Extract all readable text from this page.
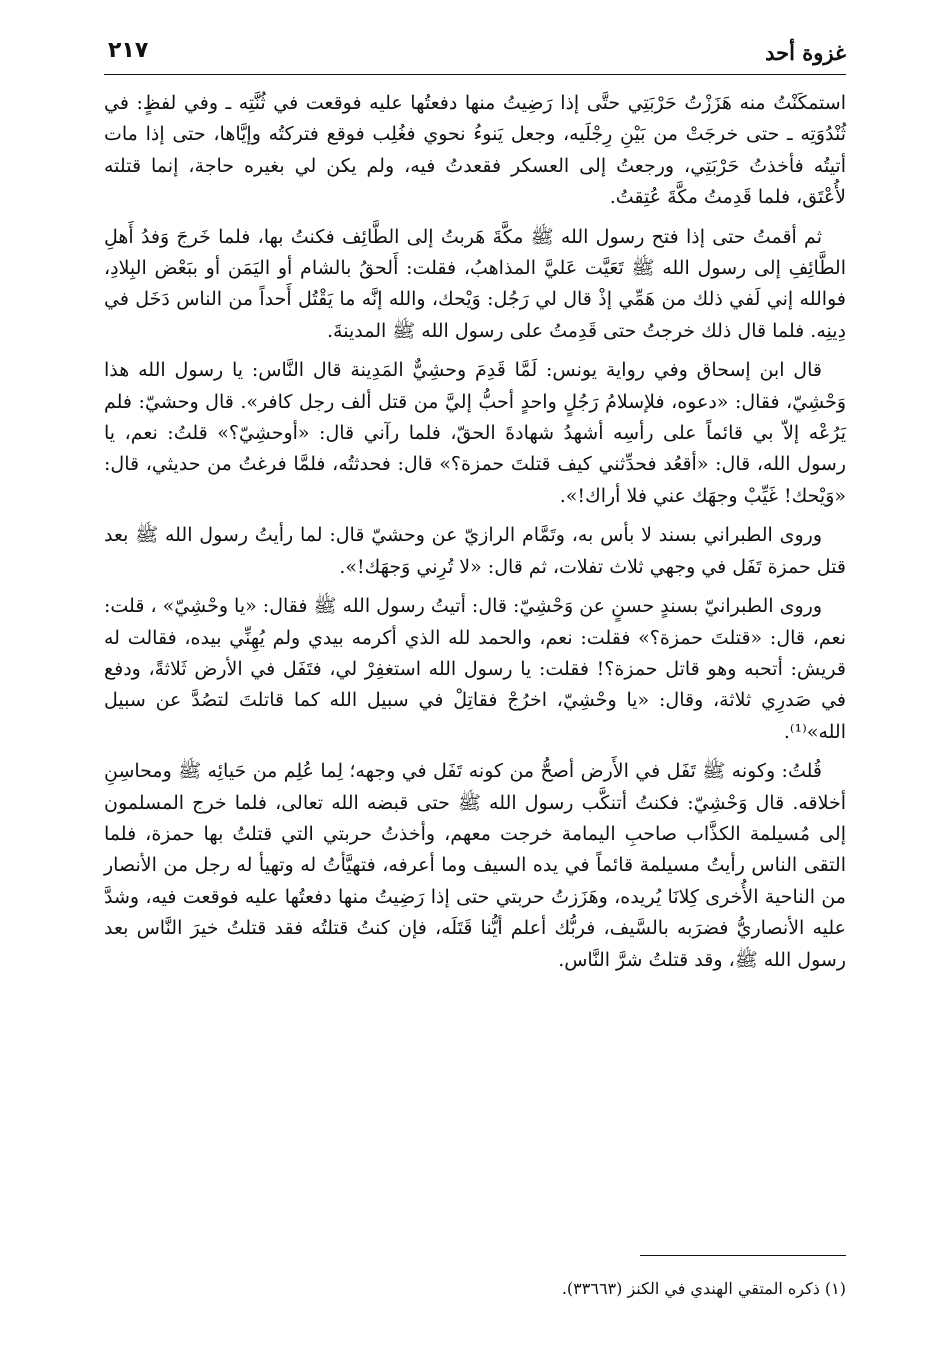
غزوة أحد
٢١٧

استمكَنْتُ منه هَزَزْتُ حَرْبَتِي حتَّى إذا رَضِيتُ منها دفعتُها عليه فوقعت في ثُنَّتِه ـ وفي لفظٍ: في ثُنْدُوَتِه ـ حتى خرجَتْ من بَيْنِ رِجْلَيه، وجعل يَنوءُ نحوي فغُلِب فوقع فتركتُه وإيَّاها، حتى إذا مات أتيتُه فأخذتُ حَرْبَتِي، ورجعتُ إلى العسكر فقعدتُ فيه، ولم يكن لي بغيره حاجة، إنما قتلته لأُعْتَق، فلما قَدِمتُ مكَّةَ عُتِقتُ.

ثم أقمتُ حتى إذا فتح رسول الله ﷺ مكَّةَ هَربتُ إلى الطَّائِف فكنتُ بها، فلما خَرجَ وَفدُ أَهلِ الطَّائِفِ إلى رسول الله ﷺ تَعَيَّت عَليَّ المذاهبُ، فقلت: أَلحقُ بالشام أو اليَمَن أو ببَعْض البِلادِ، فوالله إني لَفي ذلك من هَمِّي إذْ قال لي رَجُل: وَيْحك، والله إنَّه ما يَقْتُل أَحداً من الناس دَخَل في دِينِه. فلما قال ذلك خرجتُ حتى قَدِمتُ على رسول الله ﷺ المدينةَ.

قال ابن إسحاق وفي رواية يونس: لَمَّا قَدِمَ وحشِيٌّ المَدِينة قال النَّاس: يا رسول الله هذا وَحْشِيّ، فقال: «دعوه، فلإسلامُ رَجُلٍ واحدٍ أحبُّ إليَّ من قتل ألف رجل كافر». قال وحشيّ: فلم يَرُعْه إلاّ بي قائماً على رأسِه أشهدُ شهادةَ الحقّ، فلما رآني قال: «أوحشِيّ؟» قلتُ: نعم، يا رسول الله، قال: «أقعُد فحدِّثني كيف قتلتَ حمزة؟» قال: فحدثتُه، فلمَّا فرغتُ من حديثي، قال: «وَيْحك! غَيِّبْ وجهَك عني فلا أراك!».

وروى الطبراني بسند لا بأس به، وتَمَّام الرازيّ عن وحشيّ قال: لما رأيتُ رسول الله ﷺ بعد قتل حمزة تَفَل في وجهي ثلاث تفلات، ثم قال: «لا تُرِني وَجهَك!».

وروى الطبرانيّ بسندٍ حسنٍ عن وَحْشِيّ: قال: أتيتُ رسول الله ﷺ فقال: «يا وحْشِيّ» ، قلت: نعم، قال: «قتلتَ حمزة؟» فقلت: نعم، والحمد لله الذي أكرمه بيدي ولم يُهِنِّي بيده، فقالت له قريش: أتحبه وهو قاتل حمزة؟! فقلت: يا رسول الله استغفِرْ لي، فتَفَل في الأرض ثَلاثةً، ودفع في صَدرِي ثلاثة، وقال: «يا وحْشِيّ، اخرُجْ فقاتِلْ في سبيل الله كما قاتلتَ لتصُدَّ عن سبيل الله»⁽¹⁾.

قُلتُ: وكونه ﷺ تَفَل في الأَرض أصحُّ من كونه تَفَل في وجهه؛ لِما عُلِم من حَيائِه ﷺ ومحاسِنِ أخلاقه. قال وَحْشِيّ: فكنتُ أتنكَّب رسول الله ﷺ حتى قبضه الله تعالى، فلما خرج المسلمون إلى مُسيلمة الكذَّاب صاحبِ اليمامة خرجت معهم، وأخذتُ حربتي التي قتلتُ بها حمزة، فلما التقى الناس رأيتُ مسيلمة قائماً في يده السيف وما أعرفه، فتهيَّأتُ له وتهيأ له رجل من الأنصار من الناحية الأُخرى كِلانَا يُريده، وهَزَزتُ حربتي حتى إذا رَضِيتُ منها دفعتُها عليه فوقعت فيه، وشدَّ عليه الأنصاريُّ فضرَبه بالسَّيف، فربُّك أعلم أيُّنا قَتَلَه، فإن كنتُ قتلتُه فقد قتلتُ خيرَ النَّاس بعد رسول الله ﷺ، وقد قتلتُ شرَّ النَّاس.

(١) ذكره المتقي الهندي في الكنز (٣٣٦٦٣).
